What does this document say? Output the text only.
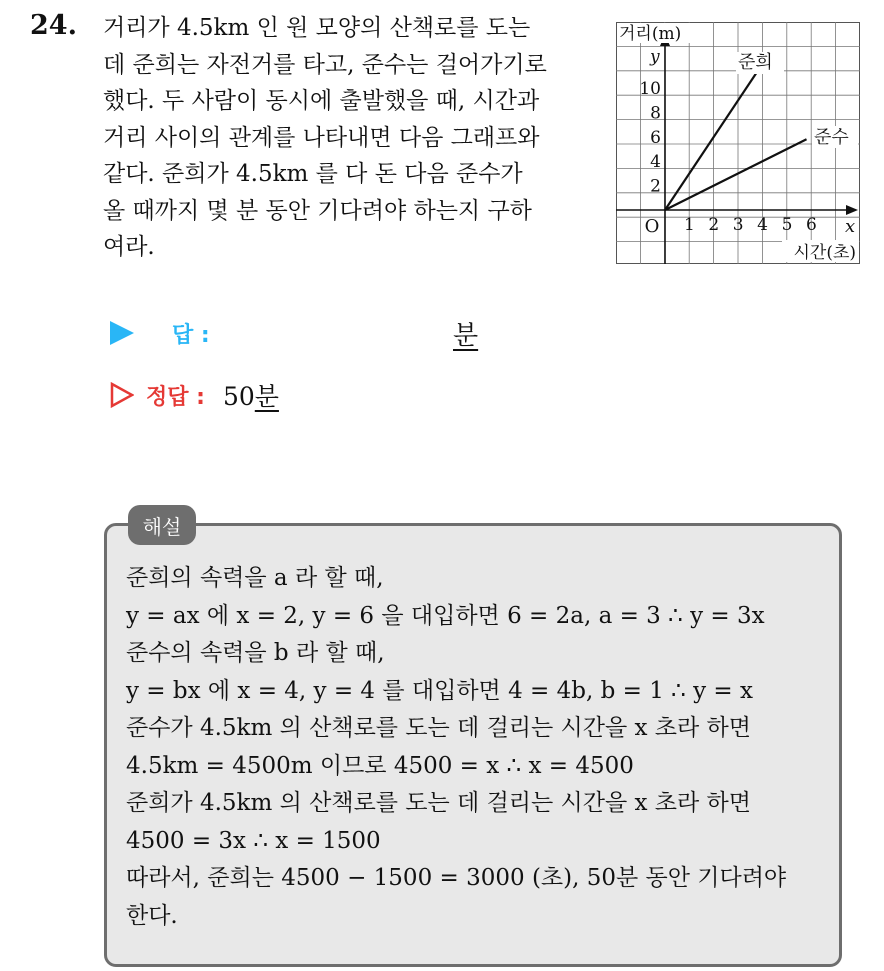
24. 거리가 4.5km 인 원 모양의 산책로를 도는
데 준희는 자전거를 타고, 준수는 걸어가기로
했다. 두 사람이 동시에 출발했을 때, 시간과
거리 사이의 관계를 나타내면 다음 그래프와
같다. 준희가 4.5km 를 다 돈 다음 준수가
올 때까지 몇 분 동안 기다려야 하는지 구하
여라.
거리(m)
시간(초)
y
x
O 1 2 3 4 5 6
2
4
6
8
10
준희
준수
답 :	분
정답 : 50분
해설
준희의 속력을 a 라 할 때,
y = ax 에 x = 2, y = 6 을 대입하면 6 = 2a, a = 3 ∴ y = 3x
준수의 속력을 b 라 할 때,
y = bx 에 x = 4, y = 4 를 대입하면 4 = 4b, b = 1 ∴ y = x
준수가 4.5km 의 산책로를 도는 데 걸리는 시간을 x 초라 하면
4.5km = 4500m 이므로 4500 = x ∴ x = 4500
준희가 4.5km 의 산책로를 도는 데 걸리는 시간을 x 초라 하면
4500 = 3x ∴ x = 1500
따라서, 준희는 4500 − 1500 = 3000 (초), 50분 동안 기다려야
한다.
